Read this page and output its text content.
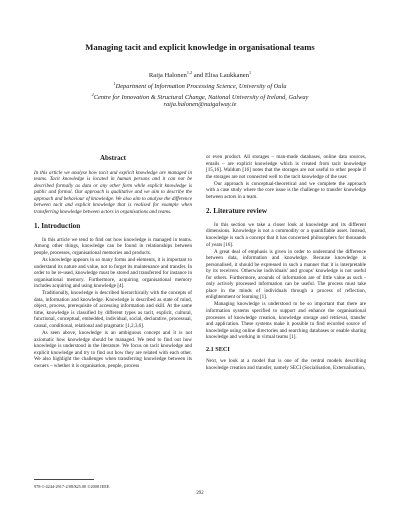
Managing tacit and explicit knowledge in organisational teams
Raija Halonen$^{1,2}$ and Elisa Laukkanen$^1$
$^1$Department of Information Processing Science, University of Oulu
$^2$Centre for Innovation & Structural Change, National University of Ireland, Galway
raija.halonen@nuigalway.ie
Abstract

In this article we analyse how tacit and explicit knowledge are managed in teams. Tacit knowledge is located in human persons and it can not be described formally as data or any other form while explicit knowledge is public and formal. Our approach is qualitative and we aim to describe the approach and behaviour of knowledge. We also aim to analyse the difference between tacit and explicit knowledge that is realised for example when transferring knowledge between actors in organisations and teams.

1. Introduction

In this article we tend to find out how knowledge is managed in teams. Among other things, knowledge can be found in relationships between people, processes, organisational memories and products.

As knowledge appears in so many forms and elements, it is important to understand its nature and value, not to forget its maintenance and transfer. In order to be re-used, knowledge must be stored and transferred for instance in organisational memory. Furthermore, acquiring organisational memory includes acquiring and using knowledge [4].

Traditionally, knowledge is described hierarchically with the concepts of data, information and knowledge. Knowledge is described as state of mind, object, process, prerequisite of accessing information and skill. At the same time, knowledge is classified by different types as tacit, explicit, cultural, functional, conceptual, embedded, individual, social, declarative, processual, causal, conditional, relational and pragmatic [1,2,3,6].

As seen above, knowledge is an ambiguous concept and it is not axiomatic how knowledge should be managed. We tend to find out how knowledge is understood in the literature. We focus on tacit knowledge and explicit knowledge and try to find out how they are related with each other. We also highlight the challenges when transferring knowledge between its owners – whether it is organisation, people, process

or even product. All storages – man-made databases, online data sources, emails – are explicit knowledge which is created from tacit knowledge [15,16]. Waldum [16] notes that the storages are not useful to other people if the storages are not connected well to the tacit knowledge of the user.

Our approach is conceptual-theoretical and we complete the approach with a case study where the core issue is the challenge to transfer knowledge between actors in a team.

2. Literature review

In this section we take a closer look at knowledge and its different dimensions. Knowledge is not a commodity or a quantifiable asset. Instead, knowledge is such a concept that it has concerned philosophers for thousands of years [16].

A great deal of emphasis is given in order to understand the difference between data, information and knowledge. Because knowledge is personalised, it should be expressed in such a manner that it is interpretable by its receivers. Otherwise individuals' and groups' knowledge is not useful for others. Furthermore, arounds of information are of little value as such - only actively processed information can be useful. The process must take place in the minds of individuals through a process of reflection, enlightenment or learning [1].

Managing knowledge is understood to be so important that there are information systems specified to support and enhance the organisational processes of knowledge creation, knowledge storage and retrieval, transfer and application. These systems make it possible to find recorded source of knowledge using online directories and searching databases or enable sharing knowledge and working in virtual teams [1].

2.1 SECI

Next, we look at a model that is one of the central models describing knowledge creation and transfer, namely SECI (Socialisation, Externalisation,

978-1-4244-2917-2/08/$25.00 ©2008 IEEE
292
